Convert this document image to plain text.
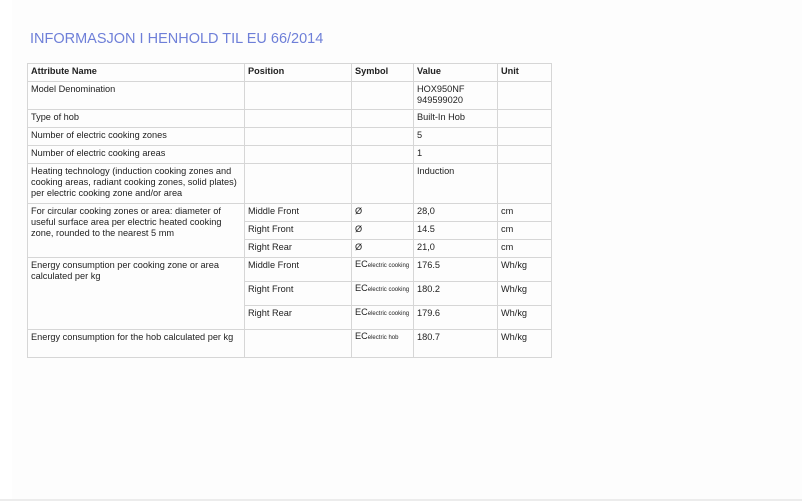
INFORMASJON I HENHOLD TIL EU 66/2014
Attribute Name	Position	Symbol	Value	Unit
Model Denomination			HOX950NF
949599020	

Type of hob			Built-In Hob	
Number of electric cooking zones			5	
Number of electric cooking areas			1	
Heating technology (induction cooking zones and cooking areas, radiant cooking zones, solid plates) per electric cooking zone and/or area			Induction	
For circular cooking zones or area: diameter of useful surface area per electric heated cooking zone, rounded to the nearest 5 mm	Middle Front	Ø	28,0	cm
	Right Front	Ø	14.5	cm
	Right Rear	Ø	21,0	cm
Energy consumption per cooking zone or area calculated per kg	Middle Front	ECelectric cooking	176.5	Wh/kg
	Right Front	ECelectric cooking	180.2	Wh/kg
	Right Rear	ECelectric cooking	179.6	Wh/kg
Energy consumption for the hob calculated per kg		ECelectric hob	180.7	Wh/kg
